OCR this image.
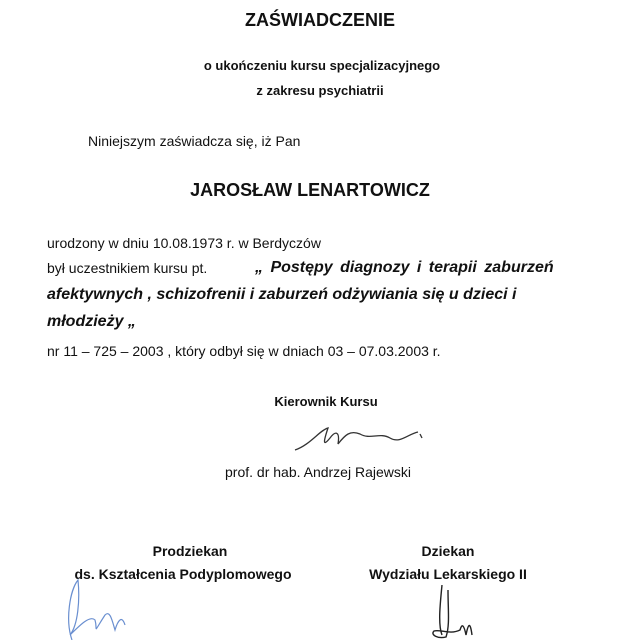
ZAŚWIADCZENIE
o ukończeniu kursu specjalizacyjnego
z zakresu psychiatrii
Niniejszym zaświadcza się, iż Pan
JAROSŁAW LENARTOWICZ
urodzony w dniu 10.08.1973 r. w Berdyczów
był uczestnikiem kursu pt.	„ Postępy diagnozy i terapii zaburzeń
afektywnych , schizofrenii i zaburzeń odżywiania się u dzieci i
młodzieży „
nr 11 – 725 – 2003 , który odbył się w dniach 03 – 07.03.2003 r.
Kierownik Kursu
prof. dr hab. Andrzej Rajewski
Prodziekan
ds. Kształcenia Podyplomowego
Dziekan
Wydziału Lekarskiego II
